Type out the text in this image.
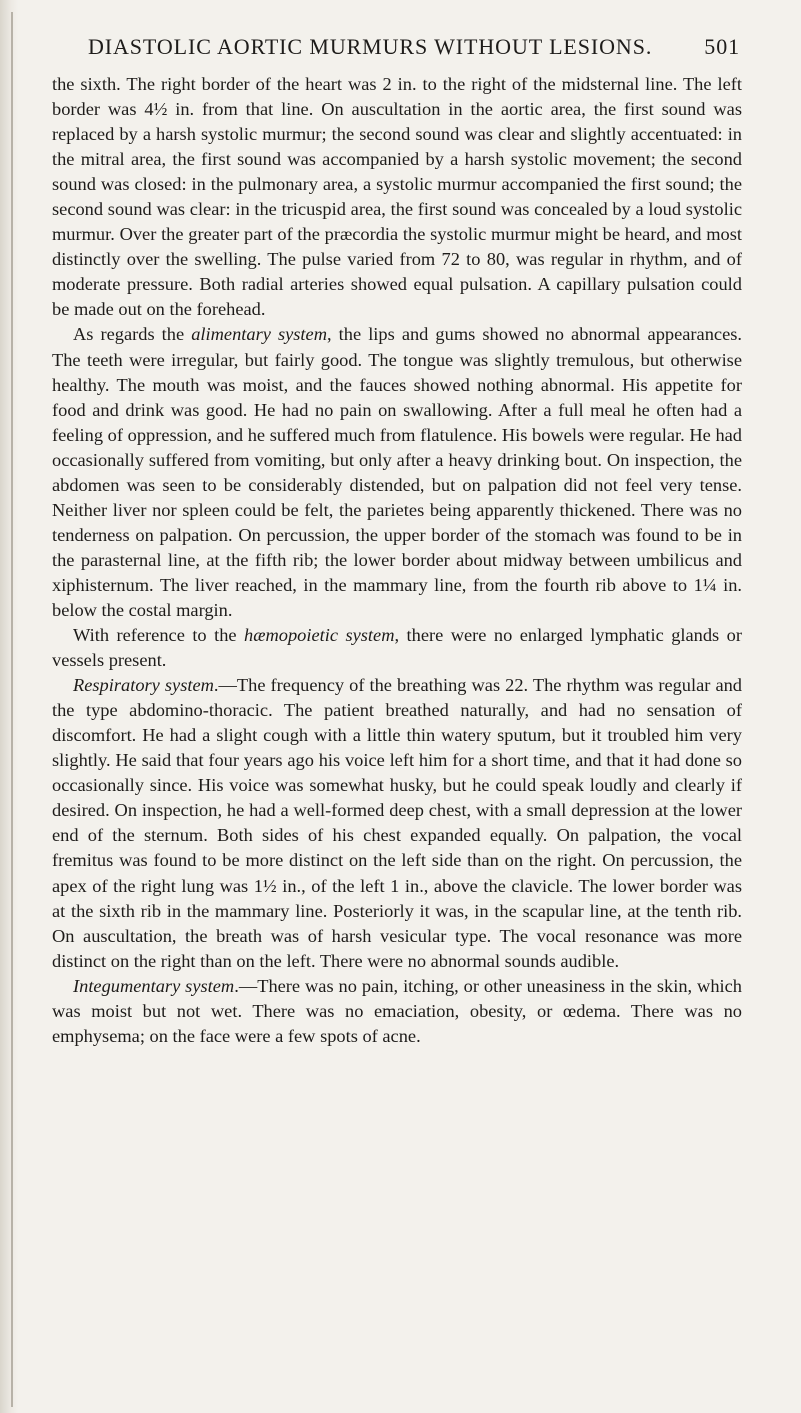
DIASTOLIC AORTIC MURMURS WITHOUT LESIONS. 501

the sixth. The right border of the heart was 2 in. to the right of the midsternal line. The left border was 4½ in. from that line. On auscultation in the aortic area, the first sound was replaced by a harsh systolic murmur; the second sound was clear and slightly accentuated: in the mitral area, the first sound was accompanied by a harsh systolic movement; the second sound was closed: in the pulmonary area, a systolic murmur accompanied the first sound; the second sound was clear: in the tricuspid area, the first sound was concealed by a loud systolic murmur. Over the greater part of the præcordia the systolic murmur might be heard, and most distinctly over the swelling. The pulse varied from 72 to 80, was regular in rhythm, and of moderate pressure. Both radial arteries showed equal pulsation. A capillary pulsation could be made out on the forehead.

As regards the alimentary system, the lips and gums showed no abnormal appearances. The teeth were irregular, but fairly good. The tongue was slightly tremulous, but otherwise healthy. The mouth was moist, and the fauces showed nothing abnormal. His appetite for food and drink was good. He had no pain on swallowing. After a full meal he often had a feeling of oppression, and he suffered much from flatulence. His bowels were regular. He had occasionally suffered from vomiting, but only after a heavy drinking bout. On inspection, the abdomen was seen to be considerably distended, but on palpation did not feel very tense. Neither liver nor spleen could be felt, the parietes being apparently thickened. There was no tenderness on palpation. On percussion, the upper border of the stomach was found to be in the parasternal line, at the fifth rib; the lower border about midway between umbilicus and xiphisternum. The liver reached, in the mammary line, from the fourth rib above to 1¼ in. below the costal margin.

With reference to the hæmopoietic system, there were no enlarged lymphatic glands or vessels present.

Respiratory system.—The frequency of the breathing was 22. The rhythm was regular and the type abdomino-thoracic. The patient breathed naturally, and had no sensation of discomfort. He had a slight cough with a little thin watery sputum, but it troubled him very slightly. He said that four years ago his voice left him for a short time, and that it had done so occasionally since. His voice was somewhat husky, but he could speak loudly and clearly if desired. On inspection, he had a well-formed deep chest, with a small depression at the lower end of the sternum. Both sides of his chest expanded equally. On palpation, the vocal fremitus was found to be more distinct on the left side than on the right. On percussion, the apex of the right lung was 1½ in., of the left 1 in., above the clavicle. The lower border was at the sixth rib in the mammary line. Posteriorly it was, in the scapular line, at the tenth rib. On auscultation, the breath was of harsh vesicular type. The vocal resonance was more distinct on the right than on the left. There were no abnormal sounds audible.

Integumentary system.—There was no pain, itching, or other uneasiness in the skin, which was moist but not wet. There was no emaciation, obesity, or œdema. There was no emphysema; on the face were a few spots of acne.
